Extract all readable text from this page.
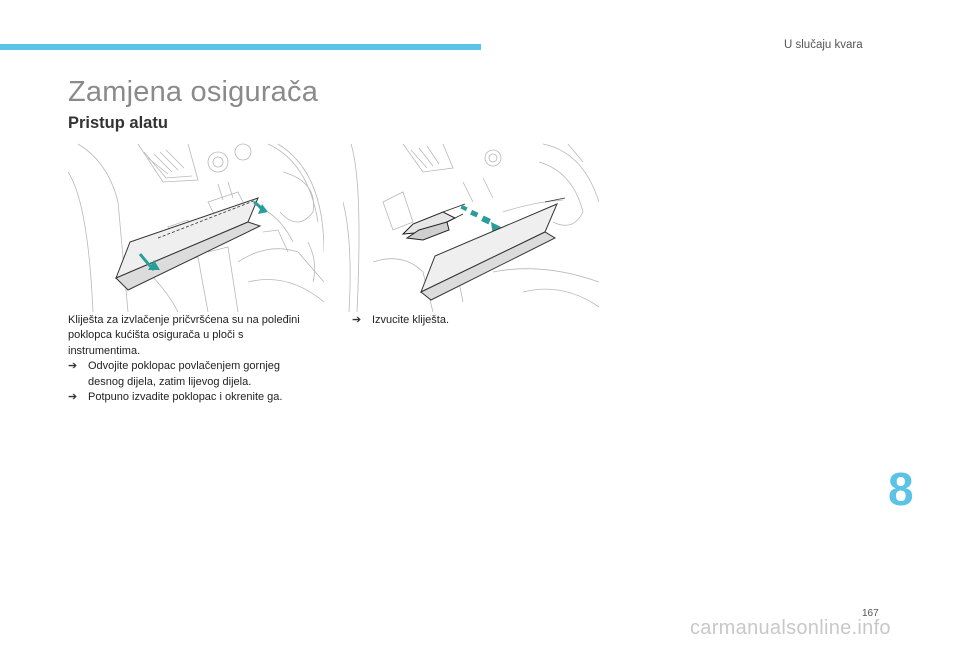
U slučaju kvara
Zamjena osigurača
Pristup alatu

Kliješta za izvlačenje pričvršćena su na poleđini poklopca kućišta osigurača u ploči s instrumentima.

➔ Odvojite poklopac povlačenjem gornjeg desnog dijela, zatim lijevog dijela.
➔ Potpuno izvadite poklopac i okrenite ga.
➔ Izvucite kliješta.
8
167
carmanualsonline.info
